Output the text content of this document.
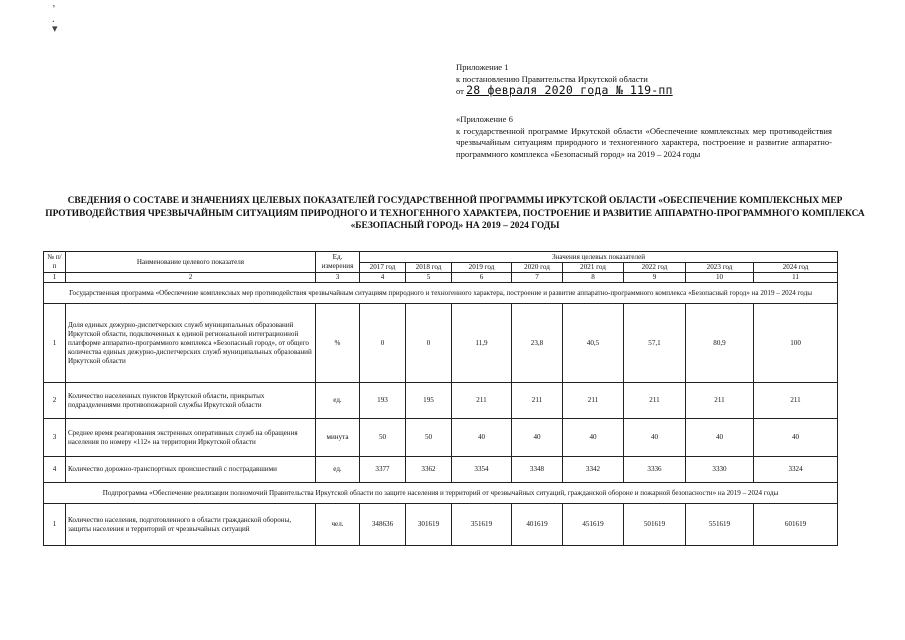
’
.
▾
Приложение 1
к постановлению Правительства Иркутской области
от 28 февраля 2020 года № 119-пп
«Приложение 6
к государственной программе Иркутской области «Обеспечение комплексных мер противодействия чрезвычайным ситуациям природного и техногенного характера, построение и развитие аппаратно-программного комплекса «Безопасный город» на 2019 – 2024 годы
СВЕДЕНИЯ О СОСТАВЕ И ЗНАЧЕНИЯХ ЦЕЛЕВЫХ ПОКАЗАТЕЛЕЙ ГОСУДАРСТВЕННОЙ ПРОГРАММЫ ИРКУТСКОЙ ОБЛАСТИ «ОБЕСПЕЧЕНИЕ КОМПЛЕКСНЫХ МЕР ПРОТИВОДЕЙСТВИЯ ЧРЕЗВЫЧАЙНЫМ СИТУАЦИЯМ ПРИРОДНОГО И ТЕХНОГЕННОГО ХАРАКТЕРА, ПОСТРОЕНИЕ И РАЗВИТИЕ АППАРАТНО-ПРОГРАММНОГО КОМПЛЕКСА «БЕЗОПАСНЫЙ ГОРОД» НА 2019 – 2024 ГОДЫ
№ п/п	Наименование целевого показателя	Ед. измерения	Значения целевых показателей							
			2017 год	2018 год	2019 год	2020 год	2021 год	2022 год	2023 год	2024 год
1	2	3	4	5	6	7	8	9	10	11
Государственная программа «Обеспечение комплексных мер противодействия чрезвычайным ситуациям природного и техногенного характера, построение и развитие аппаратно-программного комплекса «Безопасный город» на 2019 – 2024 годы										
1	Доля единых дежурно-диспетчерских служб муниципальных образований Иркутской области, подключенных к единой региональной интеграционной платформе аппаратно-программного комплекса «Безопасный город», от общего количества единых дежурно-диспетчерских служб муниципальных образований Иркутской области	%	0	0	11,9	23,8	40,5	57,1	80,9	100
2	Количество населенных пунктов Иркутской области, прикрытых подразделениями противопожарной службы Иркутской области	ед.	193	195	211	211	211	211	211	211
3	Среднее время реагирования экстренных оперативных служб на обращения населения по номеру «112» на территории Иркутской области	минута	50	50	40	40	40	40	40	40
4	Количество дорожно-транспортных происшествий с пострадавшими	ед.	3377	3362	3354	3348	3342	3336	3330	3324
Подпрограмма «Обеспечение реализации полномочий Правительства Иркутской области по защите населения и территорий от чрезвычайных ситуаций, гражданской обороне и пожарной безопасности» на 2019 – 2024 годы										
1	Количество населения, подготовленного в области гражданской обороны, защиты населения и территорий от чрезвычайных ситуаций	чел.	348636	301619	351619	401619	451619	501619	551619	601619
